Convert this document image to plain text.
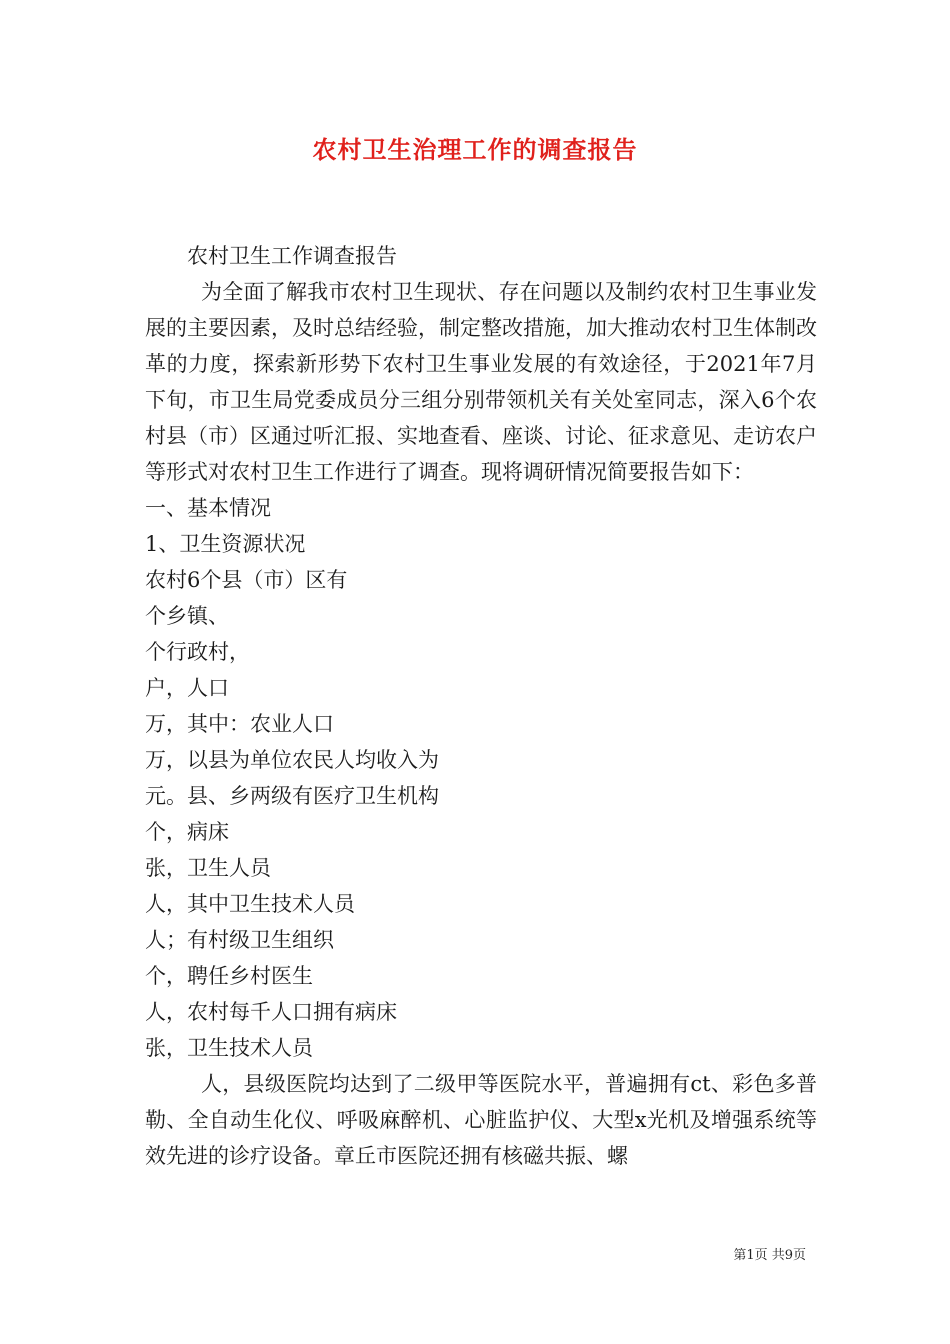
农村卫生治理工作的调查报告

农村卫生工作调查报告

为全面了解我市农村卫生现状、存在问题以及制约农村卫生事业发展的主要因素，及时总结经验，制定整改措施，加大推动农村卫生体制改革的力度，探索新形势下农村卫生事业发展的有效途径，于2021年7月下旬，市卫生局党委成员分三组分别带领机关有关处室同志，深入6个农村县（市）区通过听汇报、实地查看、座谈、讨论、征求意见、走访农户等形式对农村卫生工作进行了调查。现将调研情况简要报告如下：

一、基本情况

1、卫生资源状况

农村6个县（市）区有

个乡镇、

个行政村，

户，人口

万，其中：农业人口

万，以县为单位农民人均收入为

元。县、乡两级有医疗卫生机构

个，病床

张，卫生人员

人，其中卫生技术人员

人；有村级卫生组织

个，聘任乡村医生

人，农村每千人口拥有病床

张，卫生技术人员

人，县级医院均达到了二级甲等医院水平，普遍拥有ct、彩色多普勒、全自动生化仪、呼吸麻醉机、心脏监护仪、大型x光机及增强系统等效先进的诊疗设备。章丘市医院还拥有核磁共振、螺

第1页 共9页
